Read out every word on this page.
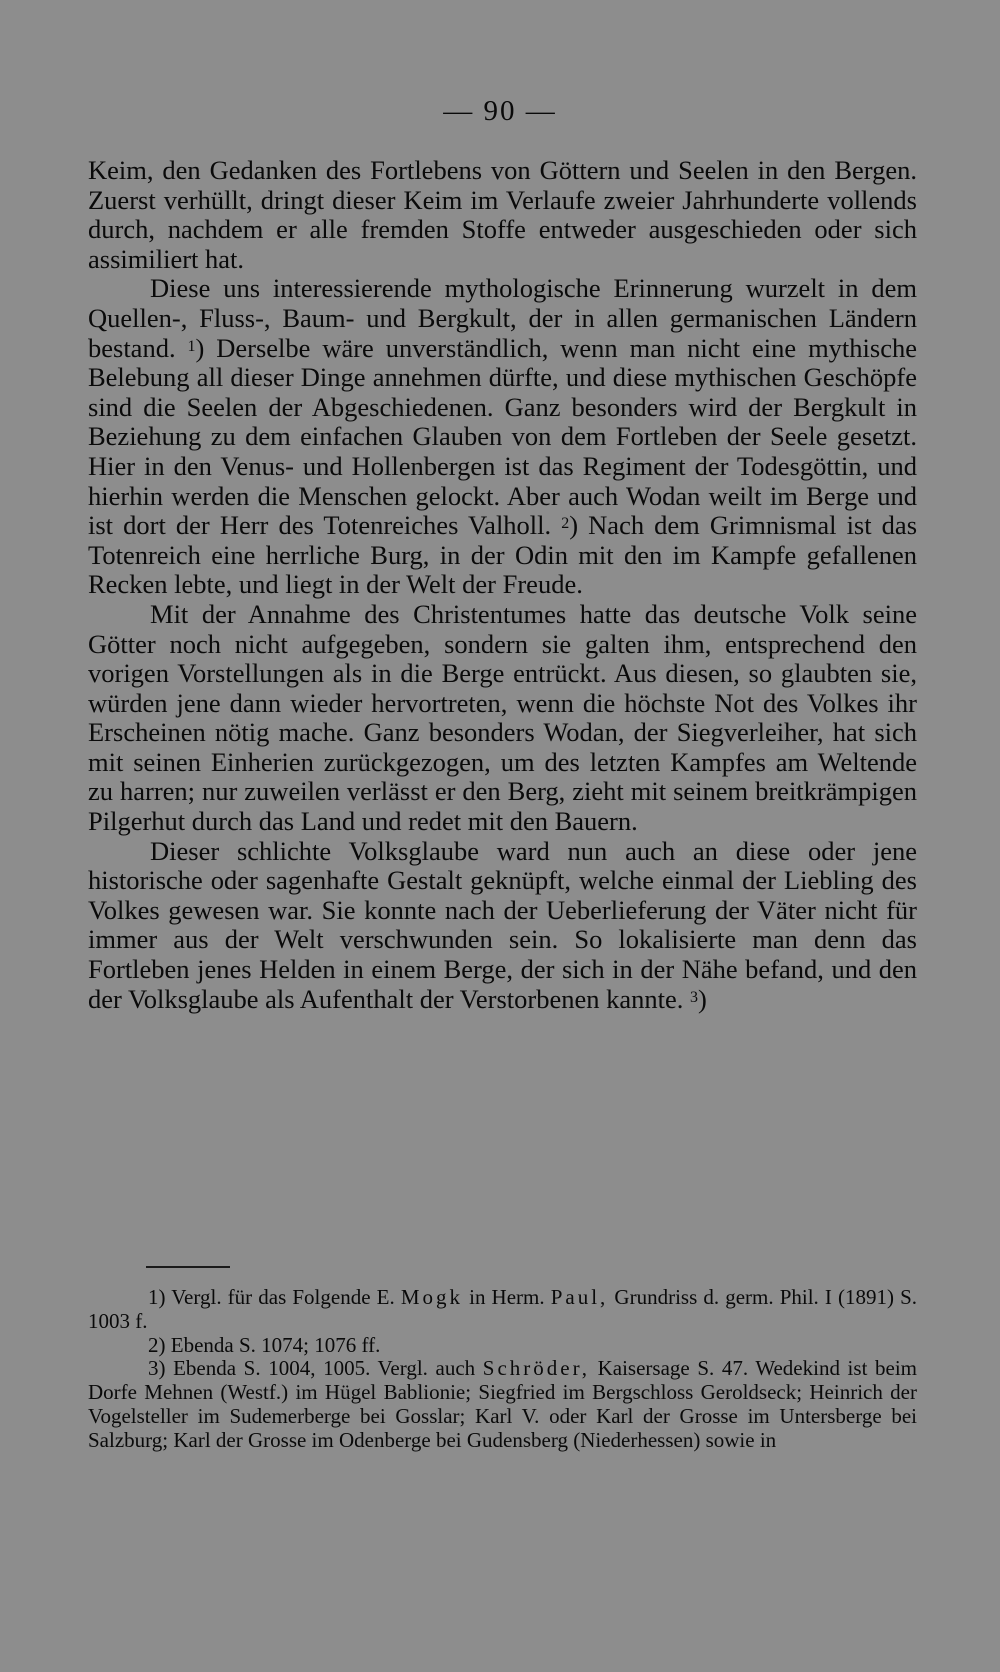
— 90 —

Keim, den Gedanken des Fortlebens von Göttern und Seelen in den Bergen. Zuerst verhüllt, dringt dieser Keim im Verlaufe zweier Jahrhunderte vollends durch, nachdem er alle fremden Stoffe entweder ausgeschieden oder sich assimiliert hat.

Diese uns interessierende mythologische Erinnerung wurzelt in dem Quellen-, Fluss-, Baum- und Bergkult, der in allen germanischen Ländern bestand. $^1$) Derselbe wäre unverständlich, wenn man nicht eine mythische Belebung all dieser Dinge annehmen dürfte, und diese mythischen Geschöpfe sind die Seelen der Abgeschiedenen. Ganz besonders wird der Bergkult in Beziehung zu dem einfachen Glauben von dem Fortleben der Seele gesetzt. Hier in den Venus- und Hollenbergen ist das Regiment der Todesgöttin, und hierhin werden die Menschen gelockt. Aber auch Wodan weilt im Berge und ist dort der Herr des Totenreiches Valholl. $^2$) Nach dem Grimnismal ist das Totenreich eine herrliche Burg, in der Odin mit den im Kampfe gefallenen Recken lebte, und liegt in der Welt der Freude.

Mit der Annahme des Christentumes hatte das deutsche Volk seine Götter noch nicht aufgegeben, sondern sie galten ihm, entsprechend den vorigen Vorstellungen als in die Berge entrückt. Aus diesen, so glaubten sie, würden jene dann wieder hervortreten, wenn die höchste Not des Volkes ihr Erscheinen nötig mache. Ganz besonders Wodan, der Siegverleiher, hat sich mit seinen Einherien zurückgezogen, um des letzten Kampfes am Weltende zu harren; nur zuweilen verlässt er den Berg, zieht mit seinem breitkrämpigen Pilgerhut durch das Land und redet mit den Bauern.

Dieser schlichte Volksglaube ward nun auch an diese oder jene historische oder sagenhafte Gestalt geknüpft, welche einmal der Liebling des Volkes gewesen war. Sie konnte nach der Ueberlieferung der Väter nicht für immer aus der Welt verschwunden sein. So lokalisierte man denn das Fortleben jenes Helden in einem Berge, der sich in der Nähe befand, und den der Volksglaube als Aufenthalt der Verstorbenen kannte. $^3$)

1) Vergl. für das Folgende E. Mogk in Herm. Paul, Grundriss d. germ. Phil. I (1891) S. 1003 f.

2) Ebenda S. 1074; 1076 ff.

3) Ebenda S. 1004, 1005. Vergl. auch Schröder, Kaisersage S. 47. Wedekind ist beim Dorfe Mehnen (Westf.) im Hügel Bablionie; Siegfried im Bergschloss Geroldseck; Heinrich der Vogelsteller im Sudemerberge bei Gosslar; Karl V. oder Karl der Grosse im Untersberge bei Salzburg; Karl der Grosse im Odenberge bei Gudensberg (Niederhessen) sowie in
